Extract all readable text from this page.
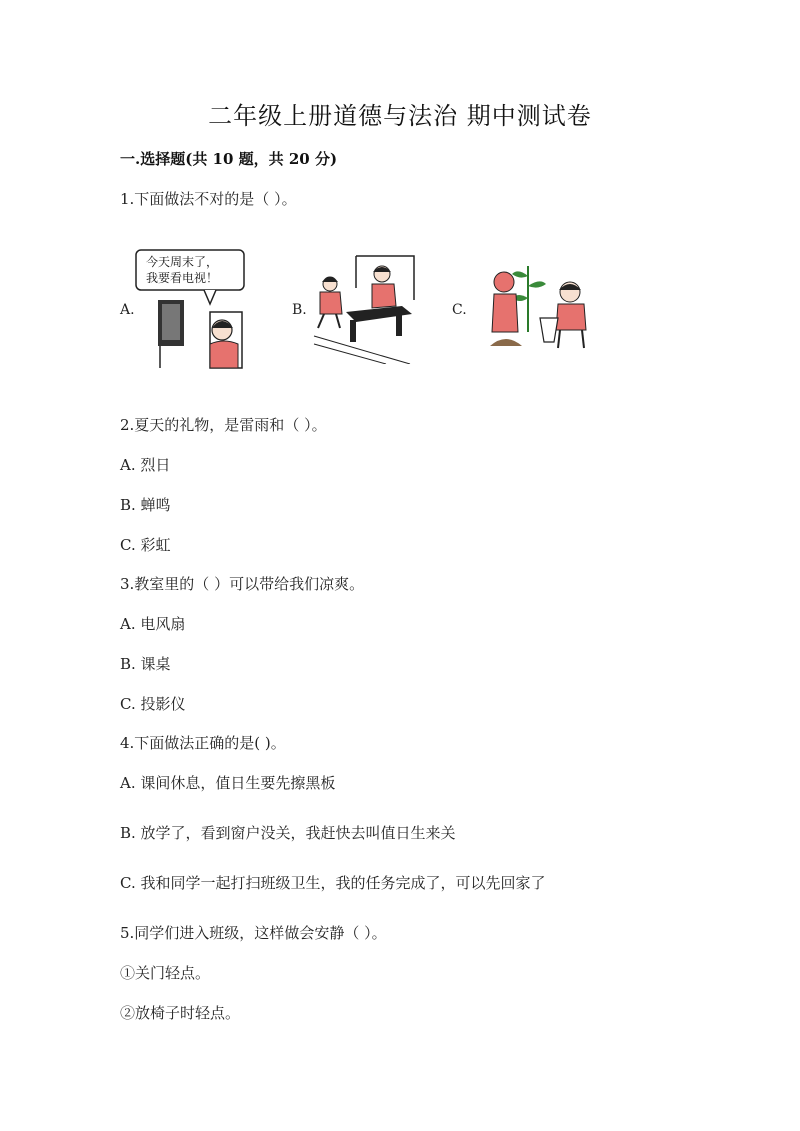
二年级上册道德与法治 期中测试卷
一.选择题(共 10 题，共 20 分)
1.下面做法不对的是（ ）。
A.
今天周末了，
我要看电视！
B.	C.
2.夏天的礼物，是雷雨和（ ）。
A. 烈日
B. 蝉鸣
C. 彩虹
3.教室里的（ ）可以带给我们凉爽。
A. 电风扇
B. 课桌
C. 投影仪
4.下面做法正确的是( )。
A. 课间休息，值日生要先擦黑板
B. 放学了，看到窗户没关，我赶快去叫值日生来关
C. 我和同学一起打扫班级卫生，我的任务完成了，可以先回家了
5.同学们进入班级，这样做会安静（ ）。
①关门轻点。
②放椅子时轻点。
